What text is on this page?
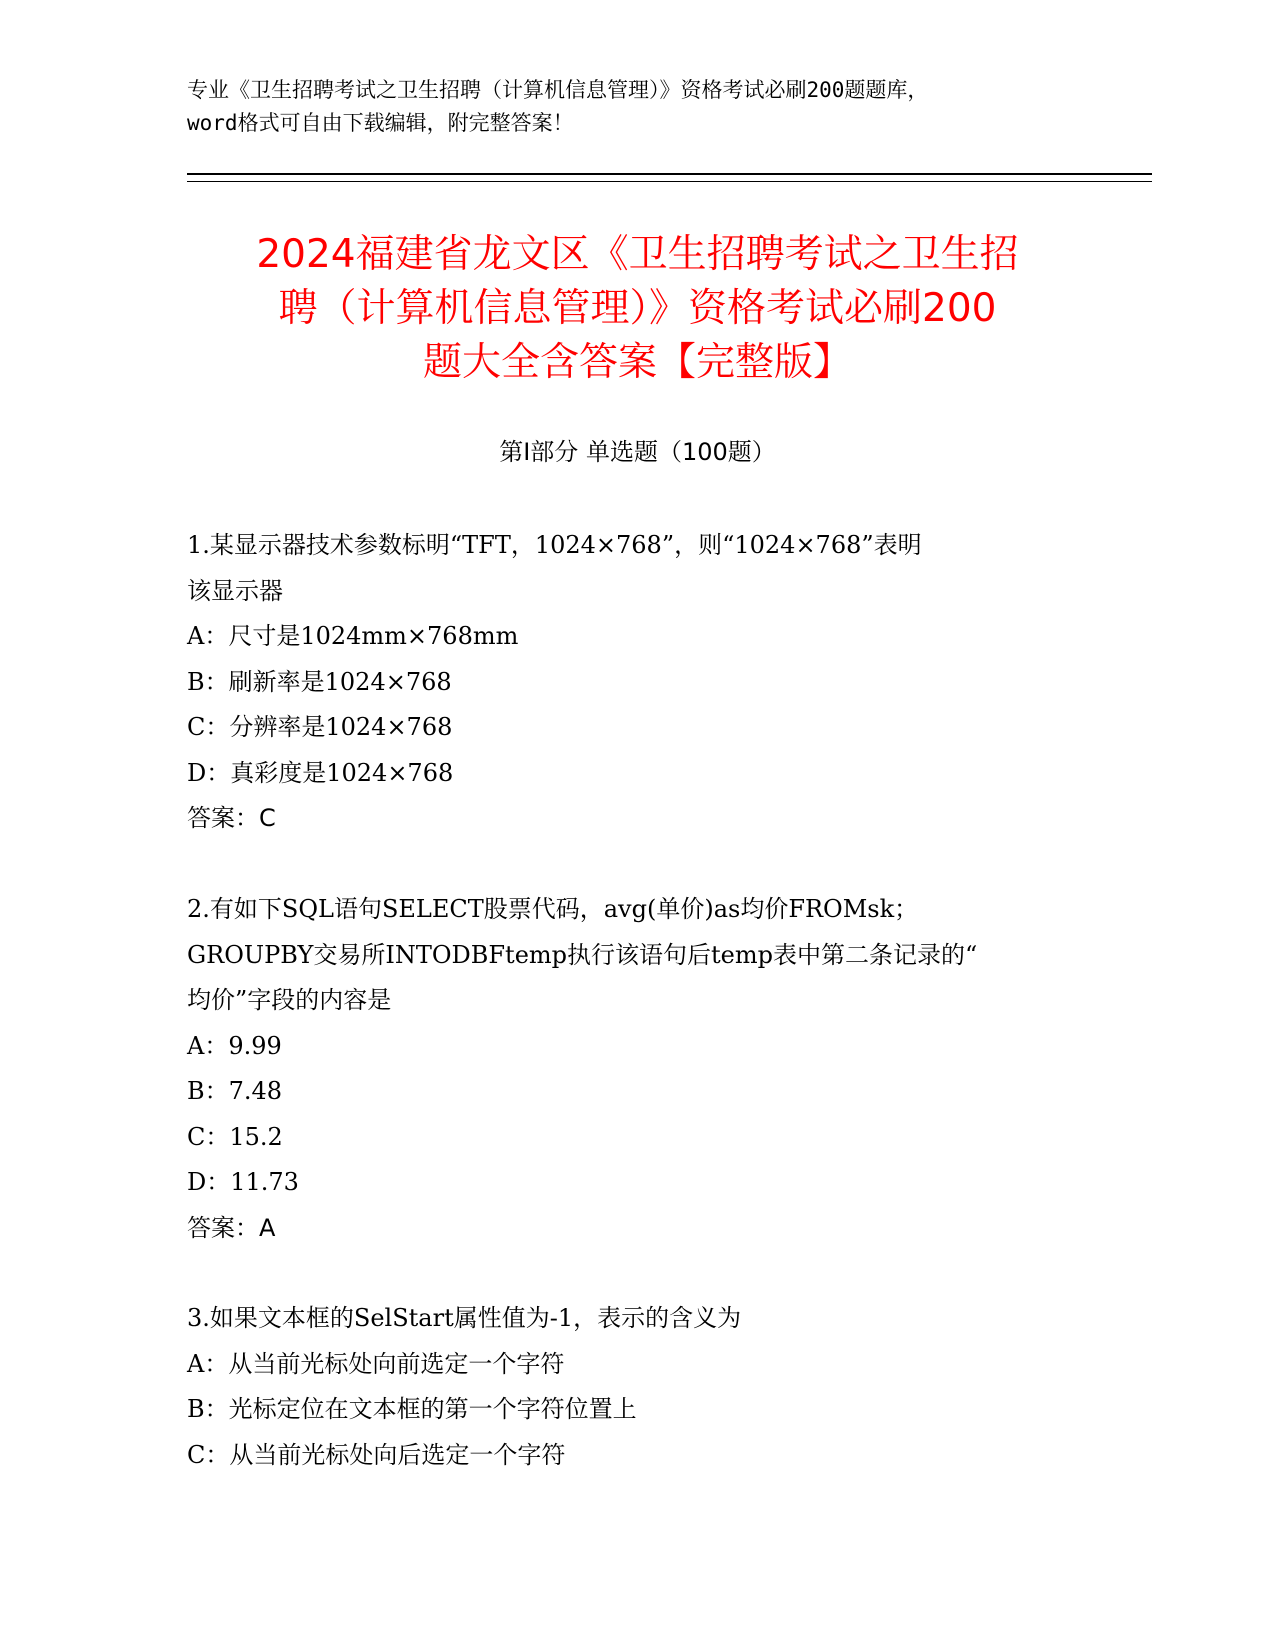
专业《卫生招聘考试之卫生招聘（计算机信息管理）》资格考试必刷200题题库，
word格式可自由下载编辑，附完整答案！
2024福建省龙文区《卫生招聘考试之卫生招
聘（计算机信息管理）》资格考试必刷200
题大全含答案【完整版】
第Ⅰ部分 单选题（100题）
1.某显示器技术参数标明“TFT，1024×768”，则“1024×768”表明
该显示器
A：尺寸是1024mm×768mm
B：刷新率是1024×768
C：分辨率是1024×768
D：真彩度是1024×768
答案：C
2.有如下SQL语句SELECT股票代码，avg(单价)as均价FROMsk；
GROUPBY交易所INTODBFtemp执行该语句后temp表中第二条记录的“
均价”字段的内容是
A：9.99
B：7.48
C：15.2
D：11.73
答案：A
3.如果文本框的SelStart属性值为-1，表示的含义为
A：从当前光标处向前选定一个字符
B：光标定位在文本框的第一个字符位置上
C：从当前光标处向后选定一个字符
